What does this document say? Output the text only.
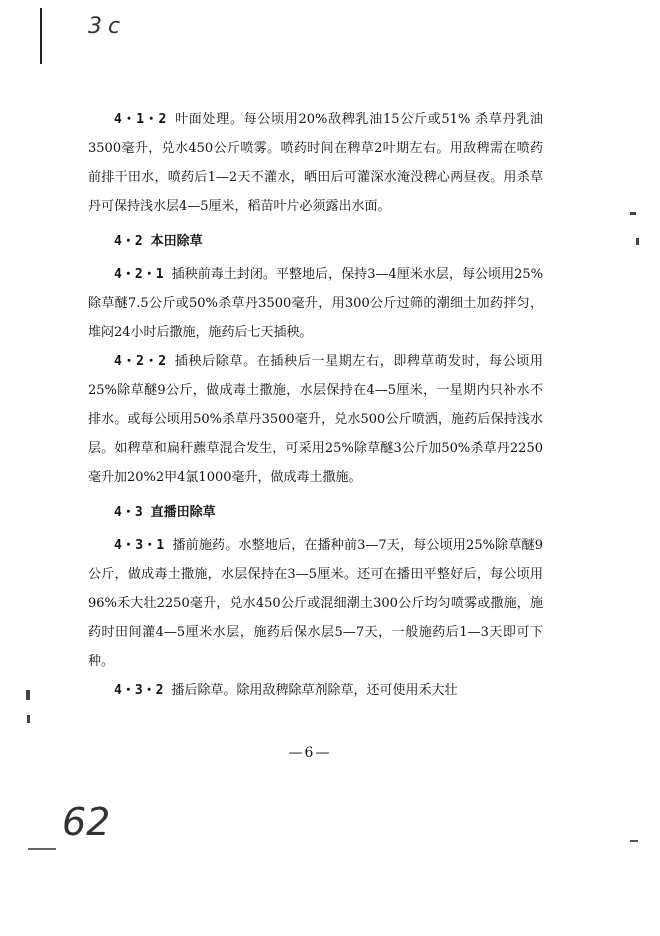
3c

4・1・2 叶面处理。每公顷用20%敌稗乳油15公斤或51% 杀草丹乳油3500毫升，兑水450公斤喷雾。喷药时间在稗草2叶期左右。用敌稗需在喷药前排干田水，喷药后1—2天不灌水，晒田后可灌深水淹没稗心两昼夜。用杀草丹可保持浅水层4—5厘米，稻苗叶片必须露出水面。

4・2 本田除草

4・2・1 插秧前毒土封闭。平整地后，保持3—4厘米水层，每公顷用25%除草醚7.5公斤或50%杀草丹3500毫升，用300公斤过筛的潮细土加药拌匀，堆闷24小时后撒施，施药后七天插秧。

4・2・2 插秧后除草。在插秧后一星期左右，即稗草萌发时，每公顷用25%除草醚9公斤，做成毒土撒施，水层保持在4—5厘米，一星期内只补水不排水。或每公顷用50%杀草丹3500毫升，兑水500公斤喷洒，施药后保持浅水层。如稗草和扁秆藨草混合发生，可采用25%除草醚3公斤加50%杀草丹2250毫升加20%2甲4氯1000毫升，做成毒土撒施。

4・3 直播田除草

4・3・1 播前施药。水整地后，在播种前3—7天，每公顷用25%除草醚9公斤，做成毒土撒施，水层保持在3—5厘米。还可在播田平整好后，每公顷用96%禾大壮2250毫升，兑水450公斤或混细潮土300公斤均匀喷雾或撒施，施药时田间灌4—5厘米水层，施药后保水层5—7天，一般施药后1—3天即可下种。

4・3・2 播后除草。除用敌稗除草剂除草，还可使用禾大壮

—6—
62
